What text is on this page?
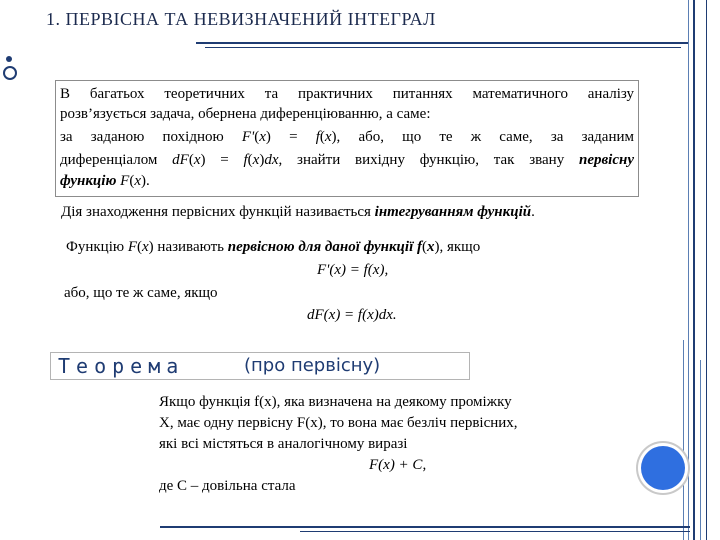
1. ПЕРВІСНА ТА НЕВИЗНАЧЕНИЙ ІНТЕГРАЛ
В багатьох теоретичних та практичних питаннях математичного аналізу
розв’язується задача, обернена диференціюванню, а саме:
за заданою похідною F'(x) = f(x), або, що те ж саме, за заданим
диференціалом dF(x) = f(x)dx, знайти вихідну функцію, так звану первісну
функцію F(x).
Дія знаходження первісних функцій називається інтегруванням функцій.
Функцію F(x) називають первісною для даної функції f(x), якщо
F'(x) = f(x),
або, що те ж саме, якщо
dF(x) = f(x)dx.
Теорема	(про первісну)
Якщо функція f(x), яка визначена на деякому проміжку
X, має одну первісну F(x), то вона має безліч первісних,
які всі містяться в аналогічному виразі
F(x) + C,
де C – довільна стала
